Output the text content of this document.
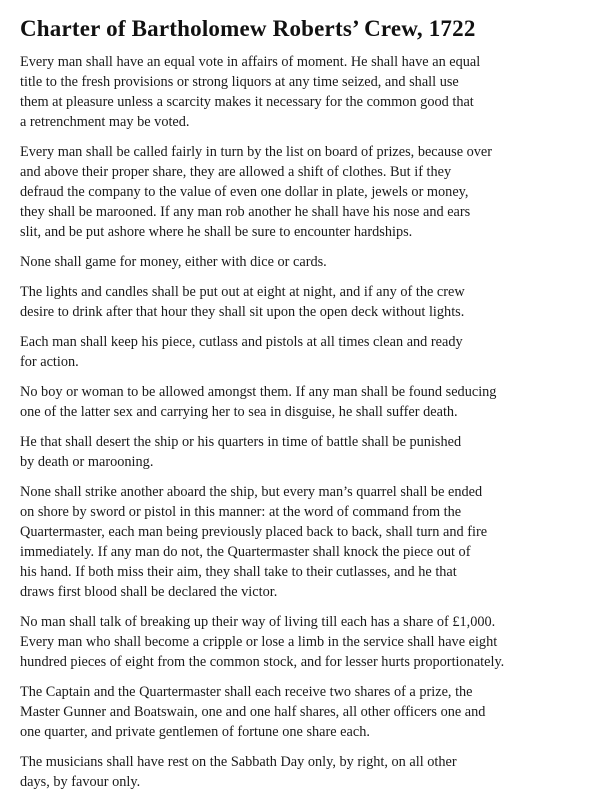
Charter of Bartholomew Roberts’ Crew, 1722

Every man shall have an equal vote in affairs of moment. He shall have an equal
title to the fresh provisions or strong liquors at any time seized, and shall use
them at pleasure unless a scarcity makes it necessary for the common good that
a retrenchment may be voted.

Every man shall be called fairly in turn by the list on board of prizes, because over
and above their proper share, they are allowed a shift of clothes. But if they
defraud the company to the value of even one dollar in plate, jewels or money,
they shall be marooned. If any man rob another he shall have his nose and ears
slit, and be put ashore where he shall be sure to encounter hardships.

None shall game for money, either with dice or cards.

The lights and candles shall be put out at eight at night, and if any of the crew
desire to drink after that hour they shall sit upon the open deck without lights.

Each man shall keep his piece, cutlass and pistols at all times clean and ready
for action.

No boy or woman to be allowed amongst them. If any man shall be found seducing
one of the latter sex and carrying her to sea in disguise, he shall suffer death.

He that shall desert the ship or his quarters in time of battle shall be punished
by death or marooning.

None shall strike another aboard the ship, but every man’s quarrel shall be ended
on shore by sword or pistol in this manner: at the word of command from the
Quartermaster, each man being previously placed back to back, shall turn and fire
immediately. If any man do not, the Quartermaster shall knock the piece out of
his hand. If both miss their aim, they shall take to their cutlasses, and he that
draws first blood shall be declared the victor.

No man shall talk of breaking up their way of living till each has a share of £1,000.
Every man who shall become a cripple or lose a limb in the service shall have eight
hundred pieces of eight from the common stock, and for lesser hurts proportionately.

The Captain and the Quartermaster shall each receive two shares of a prize, the
Master Gunner and Boatswain, one and one half shares, all other officers one and
one quarter, and private gentlemen of fortune one share each.

The musicians shall have rest on the Sabbath Day only, by right, on all other
days, by favour only.
